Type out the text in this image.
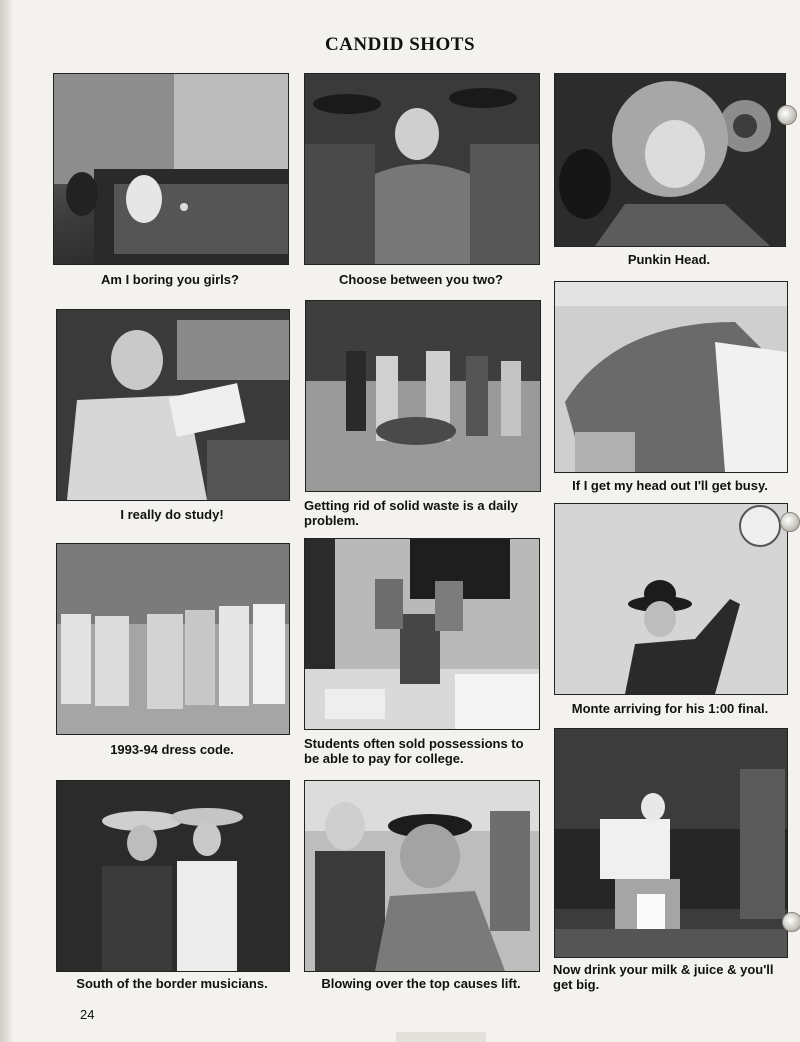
CANDID SHOTS
Am I boring you girls?	Choose between you two?
Punkin Head.
I really do study!
Getting rid of solid waste is a daily problem.
If I get my head out I'll get busy.
1993-94 dress code.	Students often sold possessions to be able to pay for college.
Monte arriving for his 1:00 final.
South of the border musicians.	Blowing over the top causes lift.
Now drink your milk & juice & you'll get big.
24
